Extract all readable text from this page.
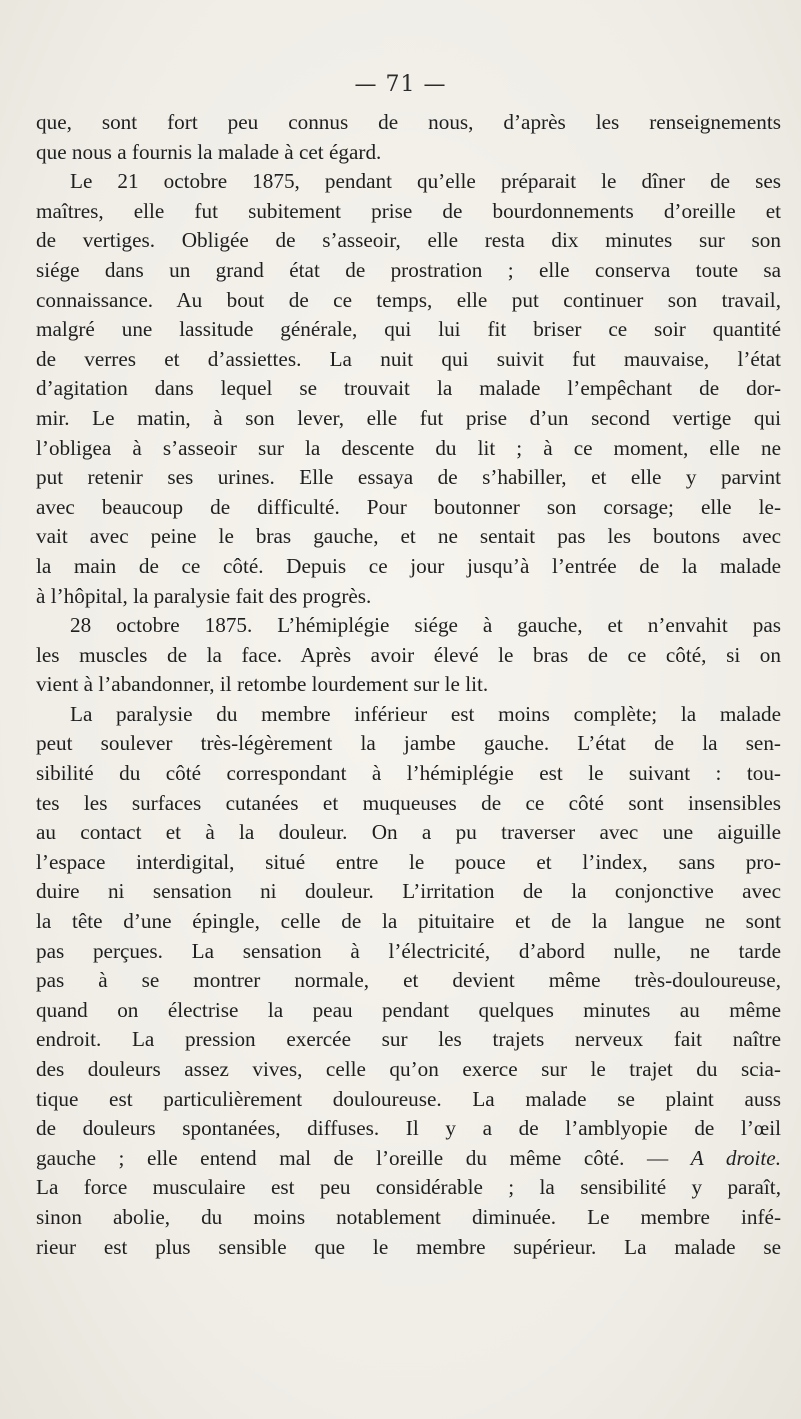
— 71 —
que, sont fort peu connus de nous, d’après les renseignements
que nous a fournis la malade à cet égard.
Le 21 octobre 1875, pendant qu’elle préparait le dîner de ses
maîtres, elle fut subitement prise de bourdonnements d’oreille et
de vertiges. Obligée de s’asseoir, elle resta dix minutes sur son
siége dans un grand état de prostration ; elle conserva toute sa
connaissance. Au bout de ce temps, elle put continuer son travail,
malgré une lassitude générale, qui lui fit briser ce soir quantité
de verres et d’assiettes. La nuit qui suivit fut mauvaise, l’état
d’agitation dans lequel se trouvait la malade l’empêchant de dor-
mir. Le matin, à son lever, elle fut prise d’un second vertige qui
l’obligea à s’asseoir sur la descente du lit ; à ce moment, elle ne
put retenir ses urines. Elle essaya de s’habiller, et elle y parvint
avec beaucoup de difficulté. Pour boutonner son corsage; elle le-
vait avec peine le bras gauche, et ne sentait pas les boutons avec
la main de ce côté. Depuis ce jour jusqu’à l’entrée de la malade
à l’hôpital, la paralysie fait des progrès.
28 octobre 1875. L’hémiplégie siége à gauche, et n’envahit pas
les muscles de la face. Après avoir élevé le bras de ce côté, si on
vient à l’abandonner, il retombe lourdement sur le lit.
La paralysie du membre inférieur est moins complète; la malade
peut soulever très-légèrement la jambe gauche. L’état de la sen-
sibilité du côté correspondant à l’hémiplégie est le suivant : tou-
tes les surfaces cutanées et muqueuses de ce côté sont insensibles
au contact et à la douleur. On a pu traverser avec une aiguille
l’espace interdigital, situé entre le pouce et l’index, sans pro-
duire ni sensation ni douleur. L’irritation de la conjonctive avec
la tête d’une épingle, celle de la pituitaire et de la langue ne sont
pas perçues. La sensation à l’électricité, d’abord nulle, ne tarde
pas à se montrer normale, et devient même très-douloureuse,
quand on électrise la peau pendant quelques minutes au même
endroit. La pression exercée sur les trajets nerveux fait naître
des douleurs assez vives, celle qu’on exerce sur le trajet du scia-
tique est particulièrement douloureuse. La malade se plaint auss
de douleurs spontanées, diffuses. Il y a de l’amblyopie de l’œil
gauche ; elle entend mal de l’oreille du même côté. — A droite.
La force musculaire est peu considérable ; la sensibilité y paraît,
sinon abolie, du moins notablement diminuée. Le membre infé-
rieur est plus sensible que le membre supérieur. La malade se
